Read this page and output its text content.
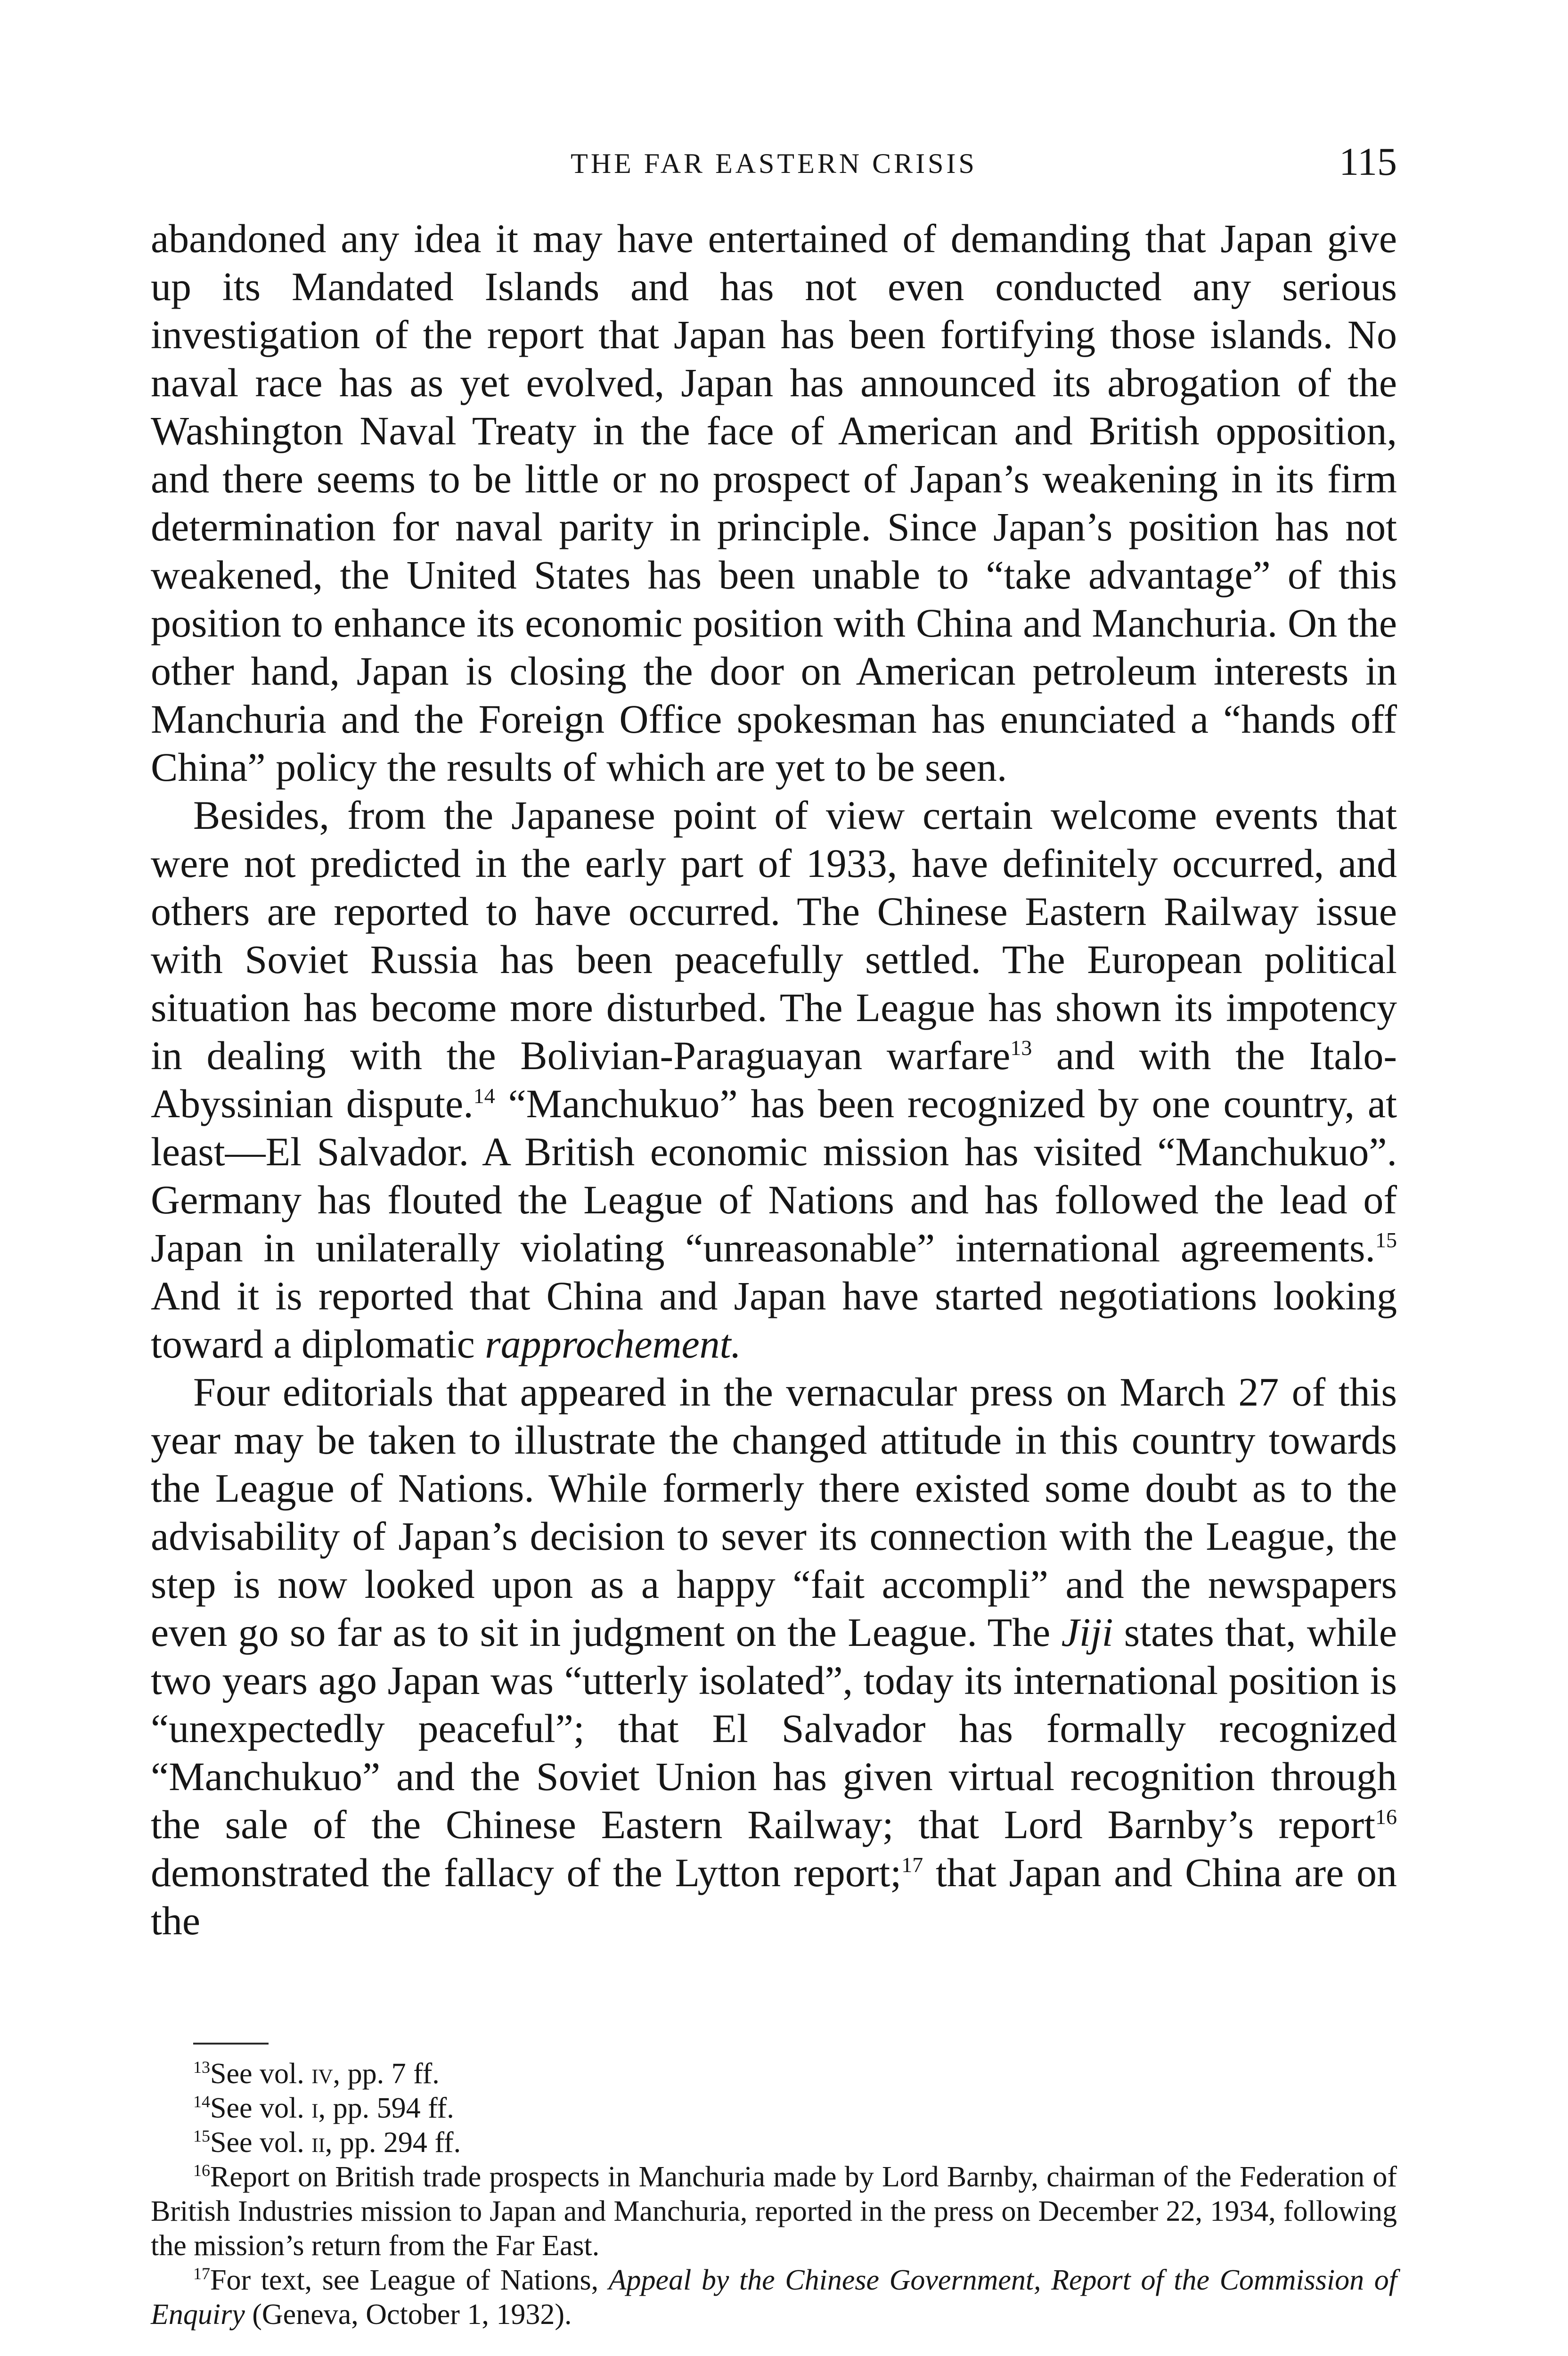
THE FAR EASTERN CRISIS	115

abandoned any idea it may have entertained of demanding that Japan give up its Mandated Islands and has not even conducted any serious investigation of the report that Japan has been fortifying those islands. No naval race has as yet evolved, Japan has announced its abrogation of the Washington Naval Treaty in the face of American and British opposition, and there seems to be little or no prospect of Japan’s weakening in its firm determination for naval parity in principle. Since Japan’s position has not weakened, the United States has been unable to “take advantage” of this position to enhance its economic position with China and Manchuria. On the other hand, Japan is closing the door on American petroleum interests in Manchuria and the Foreign Office spokesman has enunciated a “hands off China” policy the results of which are yet to be seen.

Besides, from the Japanese point of view certain welcome events that were not predicted in the early part of 1933, have definitely occurred, and others are reported to have occurred. The Chinese Eastern Railway issue with Soviet Russia has been peacefully settled. The European political situation has become more disturbed. The League has shown its impotency in dealing with the Bolivian-Paraguayan warfare$^{13}$ and with the Italo-Abyssinian dispute.$^{14}$ “Manchukuo” has been recognized by one country, at least—El Salvador. A British economic mission has visited “Manchukuo”. Germany has flouted the League of Nations and has followed the lead of Japan in unilaterally violating “unreasonable” international agreements.$^{15}$ And it is reported that China and Japan have started negotiations looking toward a diplomatic rapprochement.

Four editorials that appeared in the vernacular press on March 27 of this year may be taken to illustrate the changed attitude in this country towards the League of Nations. While formerly there existed some doubt as to the advisability of Japan’s decision to sever its connection with the League, the step is now looked upon as a happy “fait accompli” and the newspapers even go so far as to sit in judgment on the League. The Jiji states that, while two years ago Japan was “utterly isolated”, today its international position is “unexpectedly peaceful”; that El Salvador has formally recognized “Manchukuo” and the Soviet Union has given virtual recognition through the sale of the Chinese Eastern Railway; that Lord Barnby’s report$^{16}$ demonstrated the fallacy of the Lytton report;$^{17}$ that Japan and China are on the

$^{13}$See vol. iv, pp. 7 ff.

$^{14}$See vol. i, pp. 594 ff.

$^{15}$See vol. ii, pp. 294 ff.

$^{16}$Report on British trade prospects in Manchuria made by Lord Barnby, chairman of the Federation of British Industries mission to Japan and Manchuria, reported in the press on December 22, 1934, following the mission’s return from the Far East.

$^{17}$For text, see League of Nations, Appeal by the Chinese Government, Report of the Commission of Enquiry (Geneva, October 1, 1932).
